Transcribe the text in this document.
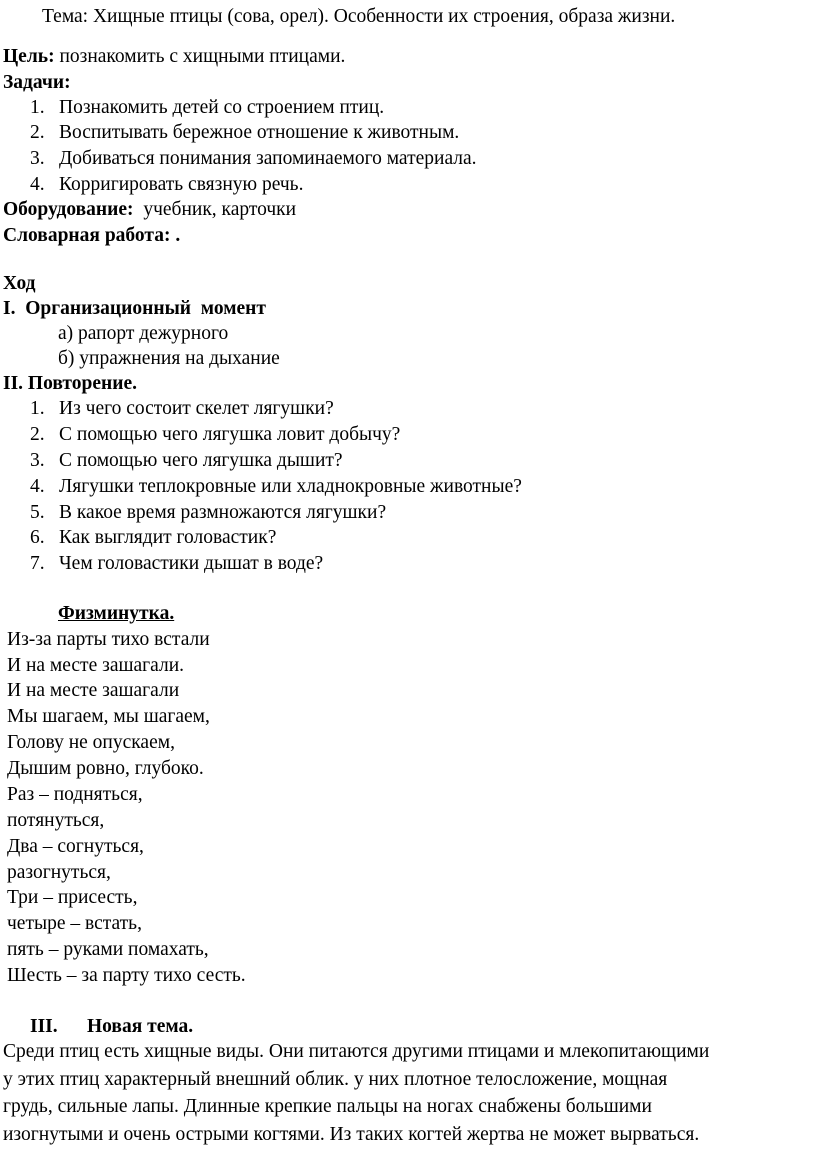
Тема: Хищные птицы (сова, орел). Особенности их строения, образа жизни.
Цель: познакомить с хищными птицами.
Задачи:
1. Познакомить детей со строением птиц.
2. Воспитывать бережное отношение к животным.
3. Добиваться понимания запоминаемого материала.
4. Корригировать связную речь.
Оборудование:  учебник, карточки
Словарная работа: .
Ход
I.  Организационный  момент
а) рапорт дежурного
б) упражнения на дыхание
II. Повторение.
1. Из чего состоит скелет лягушки?
2. С помощью чего лягушка ловит добычу?
3. С помощью чего лягушка дышит?
4. Лягушки теплокровные или хладнокровные животные?
5. В какое время размножаются лягушки?
6. Как выглядит головастик?
7. Чем головастики дышат в воде?
Физминутка.
Из-за парты тихо встали
И на месте зашагали.
И на месте зашагали
Мы шагаем, мы шагаем,
Голову не опускаем,
Дышим ровно, глубоко.
Раз – подняться,
потянуться,
Два – согнуться,
разогнуться,
Три – присесть,
четыре – встать,
пять – руками помахать,
Шесть – за парту тихо сесть.
III. Новая тема.
Среди птиц есть хищные виды. Они питаются другими птицами и млекопитающими
у этих птиц характерный внешний облик. у них плотное телосложение, мощная
грудь, сильные лапы. Длинные крепкие пальцы на ногах снабжены большими
изогнутыми и очень острыми когтями. Из таких когтей жертва не может вырваться.
